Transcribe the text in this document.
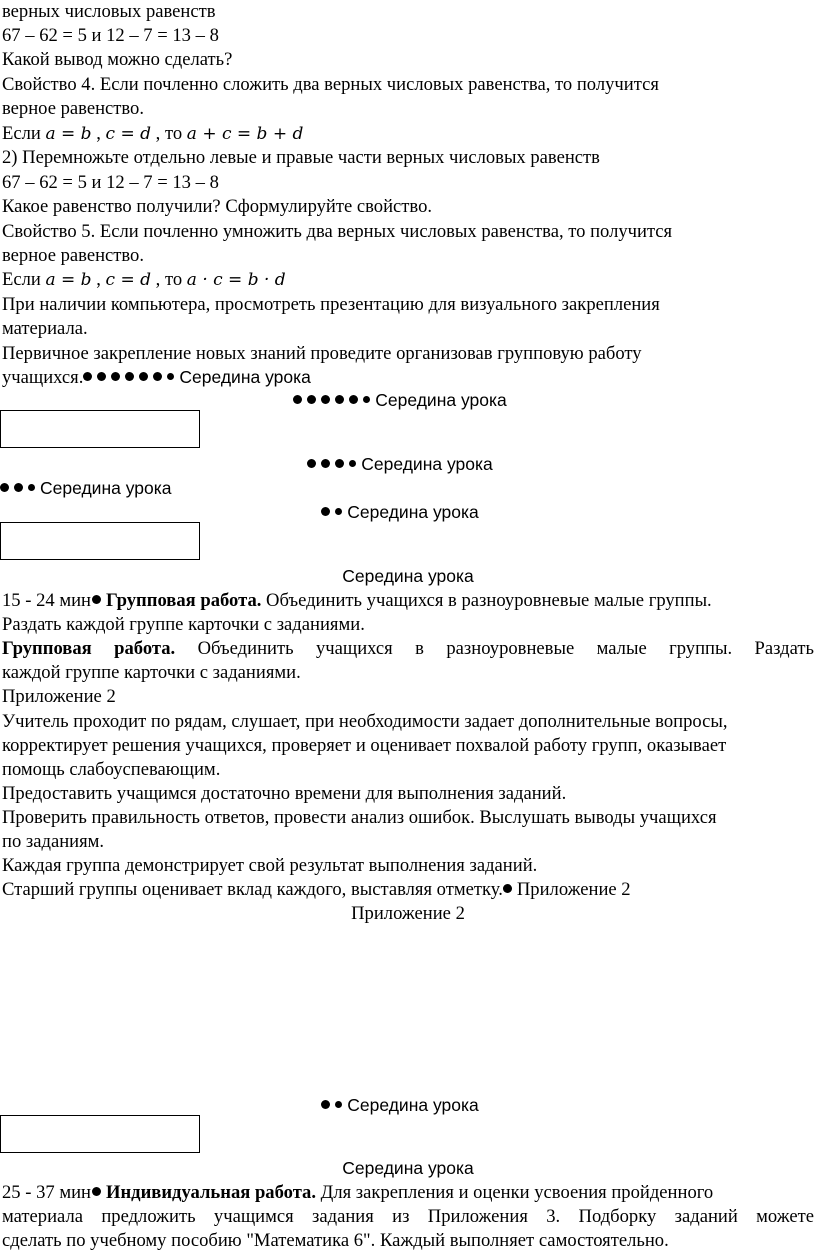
верных числовых равенств
67 – 62 = 5 и 12 – 7 = 13 – 8
Какой вывод можно сделать?
Свойство 4. Если почленно сложить два верных числовых равенства, то получится
верное равенство.
Если a = b , c = d , то a + c = b + d
2) Перемножьте отдельно левые и правые части верных числовых равенств
67 – 62 = 5 и 12 – 7 = 13 – 8
Какое равенство получили? Сформулируйте свойство.
Свойство 5. Если почленно умножить два верных числовых равенства, то получится
верное равенство.
Если a = b , c = d , то a · c = b · d
При наличии компьютера, просмотреть презентацию для визуального закрепления
материала.
Первичное закрепление новых знаний проведите организовав групповую работу
учащихся.	Середина урока
Середина урока
Середина урока
Середина урока
Середина урока
Середина урока
15 - 24 мин Групповая работа. Объединить учащихся в разноуровневые малые группы.
Раздать каждой группе карточки с заданиями.
Групповая работа. Объединить учащихся в разноуровневые малые группы. Раздать
каждой группе карточки с заданиями.
Приложение 2
Учитель проходит по рядам, слушает, при необходимости задает дополнительные вопросы,
корректирует решения учащихся, проверяет и оценивает похвалой работу групп, оказывает
помощь слабоуспевающим.
Предоставить учащимся достаточно времени для выполнения заданий.
Проверить правильность ответов, провести анализ ошибок. Выслушать выводы учащихся
по заданиям.
Каждая группа демонстрирует свой результат выполнения заданий.
Старший группы оценивает вклад каждого, выставляя отметку. Приложение 2
Приложение 2
Середина урока
Середина урока
25 - 37 мин Индивидуальная работа. Для закрепления и оценки усвоения пройденного
материала предложить учащимся задания из Приложения 3. Подборку заданий можете
сделать по учебному пособию "Математика 6". Каждый выполняет самостоятельно.
